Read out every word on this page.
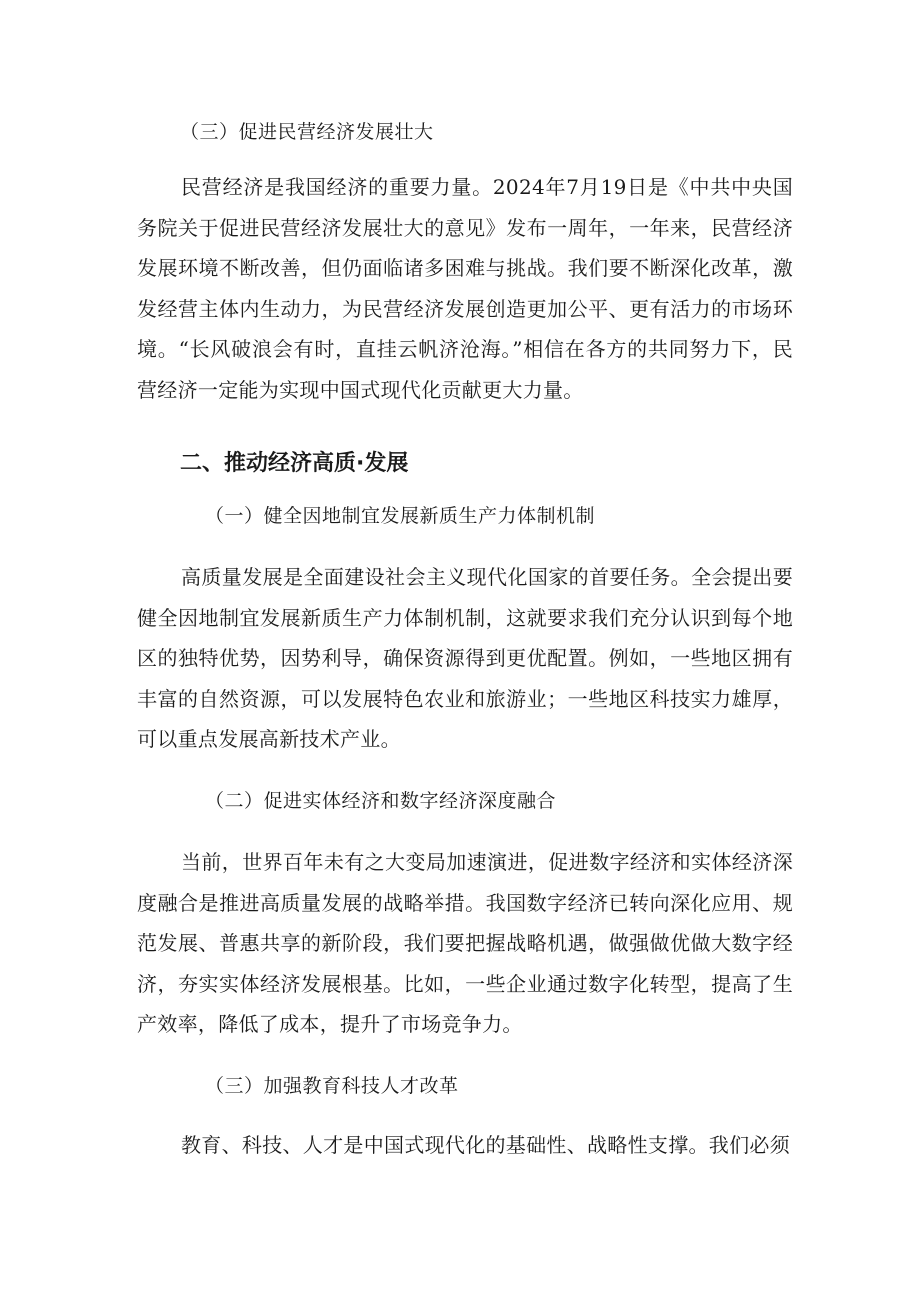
（三）促进民营经济发展壮大

民营经济是我国经济的重要力量。2024年7月19日是《中共中央国务院关于促进民营经济发展壮大的意见》发布一周年，一年来，民营经济发展环境不断改善，但仍面临诸多困难与挑战。我们要不断深化改革，激发经营主体内生动力，为民营经济发展创造更加公平、更有活力的市场环境。“长风破浪会有时，直挂云帆济沧海。”相信在各方的共同努力下，民营经济一定能为实现中国式现代化贡献更大力量。

二、推动经济高质·发展
（一）健全因地制宜发展新质生产力体制机制

高质量发展是全面建设社会主义现代化国家的首要任务。全会提出要健全因地制宜发展新质生产力体制机制，这就要求我们充分认识到每个地区的独特优势，因势利导，确保资源得到更优配置。例如，一些地区拥有丰富的自然资源，可以发展特色农业和旅游业；一些地区科技实力雄厚，可以重点发展高新技术产业。

（二）促进实体经济和数字经济深度融合

当前，世界百年未有之大变局加速演进，促进数字经济和实体经济深度融合是推进高质量发展的战略举措。我国数字经济已转向深化应用、规范发展、普惠共享的新阶段，我们要把握战略机遇，做强做优做大数字经济，夯实实体经济发展根基。比如，一些企业通过数字化转型，提高了生产效率，降低了成本，提升了市场竞争力。

（三）加强教育科技人才改革

教育、科技、人才是中国式现代化的基础性、战略性支撑。我们必须
